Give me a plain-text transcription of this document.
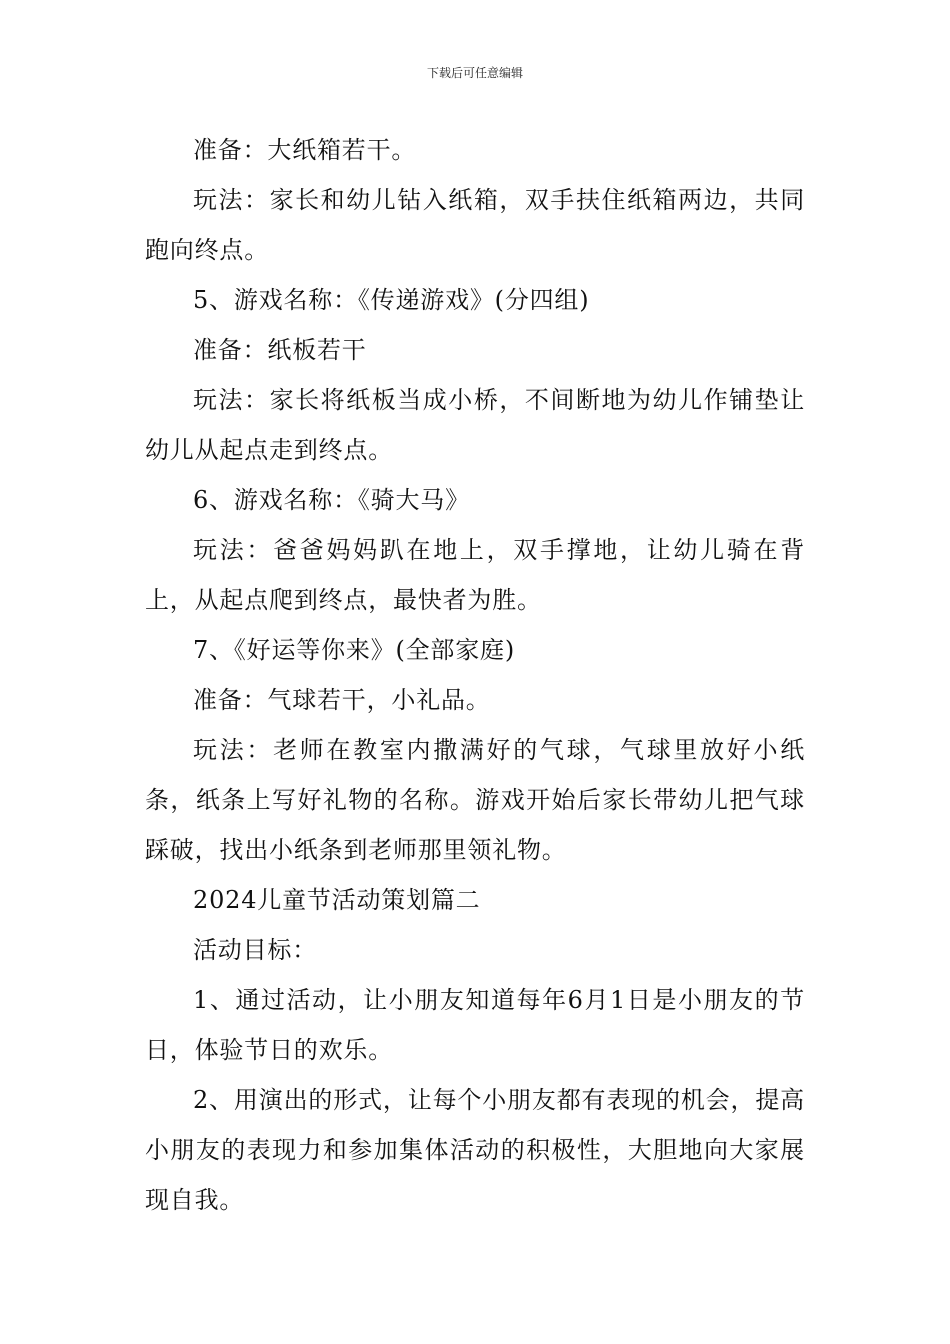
下载后可任意编辑

准备：大纸箱若干。

玩法：家长和幼儿钻入纸箱，双手扶住纸箱两边，共同跑向终点。

5、游戏名称：《传递游戏》(分四组)

准备：纸板若干

玩法：家长将纸板当成小桥，不间断地为幼儿作铺垫让幼儿从起点走到终点。

6、游戏名称：《骑大马》

玩法：爸爸妈妈趴在地上，双手撑地，让幼儿骑在背上，从起点爬到终点，最快者为胜。

7、《好运等你来》(全部家庭)

准备：气球若干，小礼品。

玩法：老师在教室内撒满好的气球，气球里放好小纸条，纸条上写好礼物的名称。游戏开始后家长带幼儿把气球踩破，找出小纸条到老师那里领礼物。

2024儿童节活动策划篇二

活动目标：

1、通过活动，让小朋友知道每年6月1日是小朋友的节日，体验节日的欢乐。

2、用演出的形式，让每个小朋友都有表现的机会，提高小朋友的表现力和参加集体活动的积极性，大胆地向大家展现自我。
